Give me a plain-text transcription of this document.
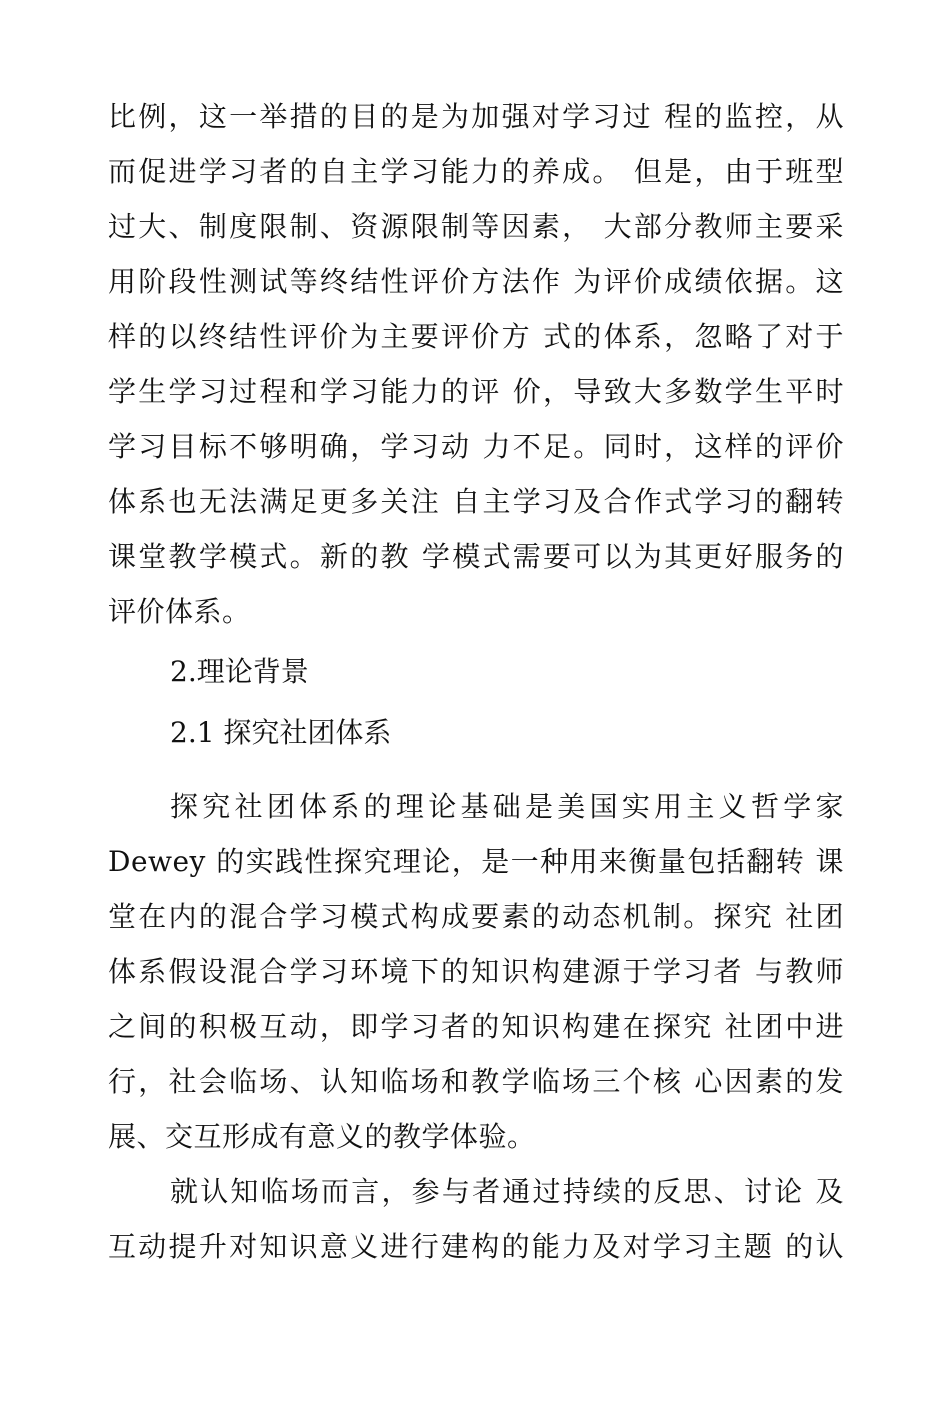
比例，这一举措的目的是为加强对学习过 程的监控，从
而促进学习者的自主学习能力的养成。 但是，由于班型
过大、制度限制、资源限制等因素， 大部分教师主要采
用阶段性测试等终结性评价方法作 为评价成绩依据。这
样的以终结性评价为主要评价方 式的体系，忽略了对于
学生学习过程和学习能力的评 价，导致大多数学生平时
学习目标不够明确，学习动 力不足。同时，这样的评价
体系也无法满足更多关注 自主学习及合作式学习的翻转
课堂教学模式。新的教 学模式需要可以为其更好服务的
评价体系。
2.理论背景
2.1 探究社团体系
探究社团体系的理论基础是美国实用主义哲学家
Dewey 的实践性探究理论，是一种用来衡量包括翻转 课
堂在内的混合学习模式构成要素的动态机制。探究 社团
体系假设混合学习环境下的知识构建源于学习者 与教师
之间的积极互动，即学习者的知识构建在探究 社团中进
行，社会临场、认知临场和教学临场三个核 心因素的发
展、交互形成有意义的教学体验。
就认知临场而言，参与者通过持续的反思、讨论 及
互动提升对知识意义进行建构的能力及对学习主题 的认
